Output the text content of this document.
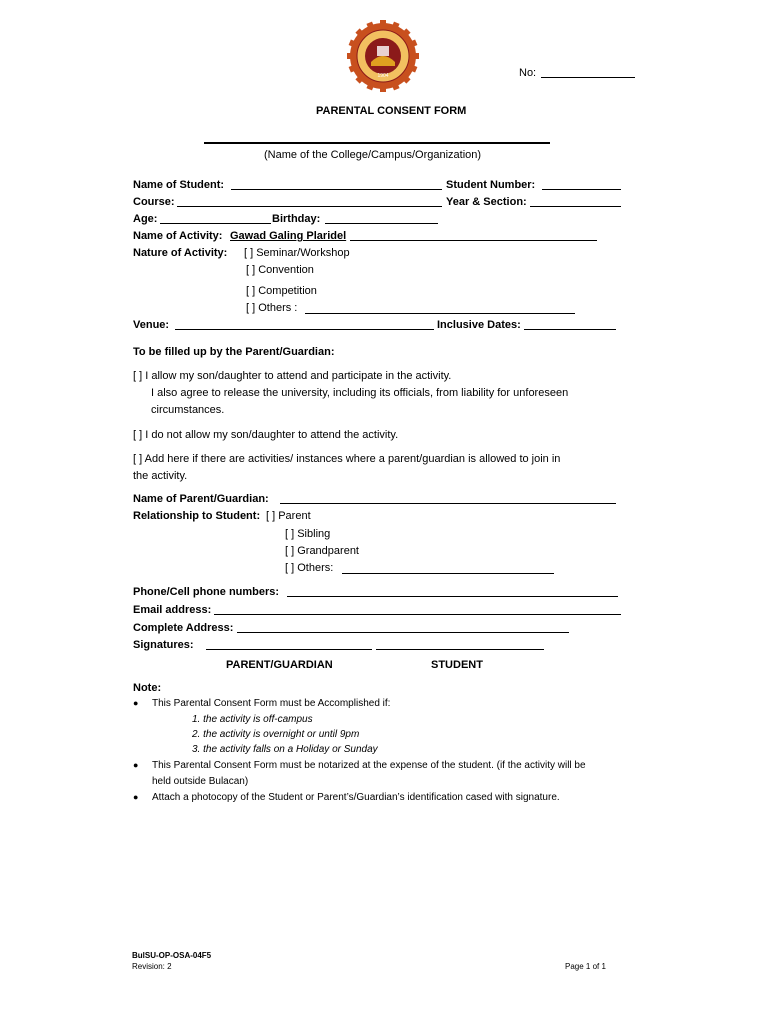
1904	No:
PARENTAL CONSENT FORM
(Name of the College/Campus/Organization)
Name of Student:	Student Number:
Course:	Year & Section:
Age:	Birthday:
Name of Activity: Gawad Galing Plaridel
Nature of Activity: [ ] Seminar/Workshop
[ ] Convention
[ ] Competition
[ ] Others :
Venue:	Inclusive Dates:
To be filled up by the Parent/Guardian:
[ ] I allow my son/daughter to attend and participate in the activity.
I also agree to release the university, including its officials, from liability for unforeseen
circumstances.
[ ] I do not allow my son/daughter to attend the activity.
[ ] Add here if there are activities/ instances where a parent/guardian is allowed to join in
the activity.
Name of Parent/Guardian:
Relationship to Student: [ ] Parent
[ ] Sibling
[ ] Grandparent
[ ] Others:
Phone/Cell phone numbers:
Email address:
Complete Address:
Signatures:
PARENT/GUARDIAN	STUDENT
Note:
● This Parental Consent Form must be Accomplished if:
1. the activity is off-campus
2. the activity is overnight or until 9pm
3. the activity falls on a Holiday or Sunday
● This Parental Consent Form must be notarized at the expense of the student. (if the activity will be
held outside Bulacan)
● Attach a photocopy of the Student or Parent’s/Guardian’s identification cased with signature.
BulSU-OP-OSA-04F5
Revision: 2	Page 1 of 1
